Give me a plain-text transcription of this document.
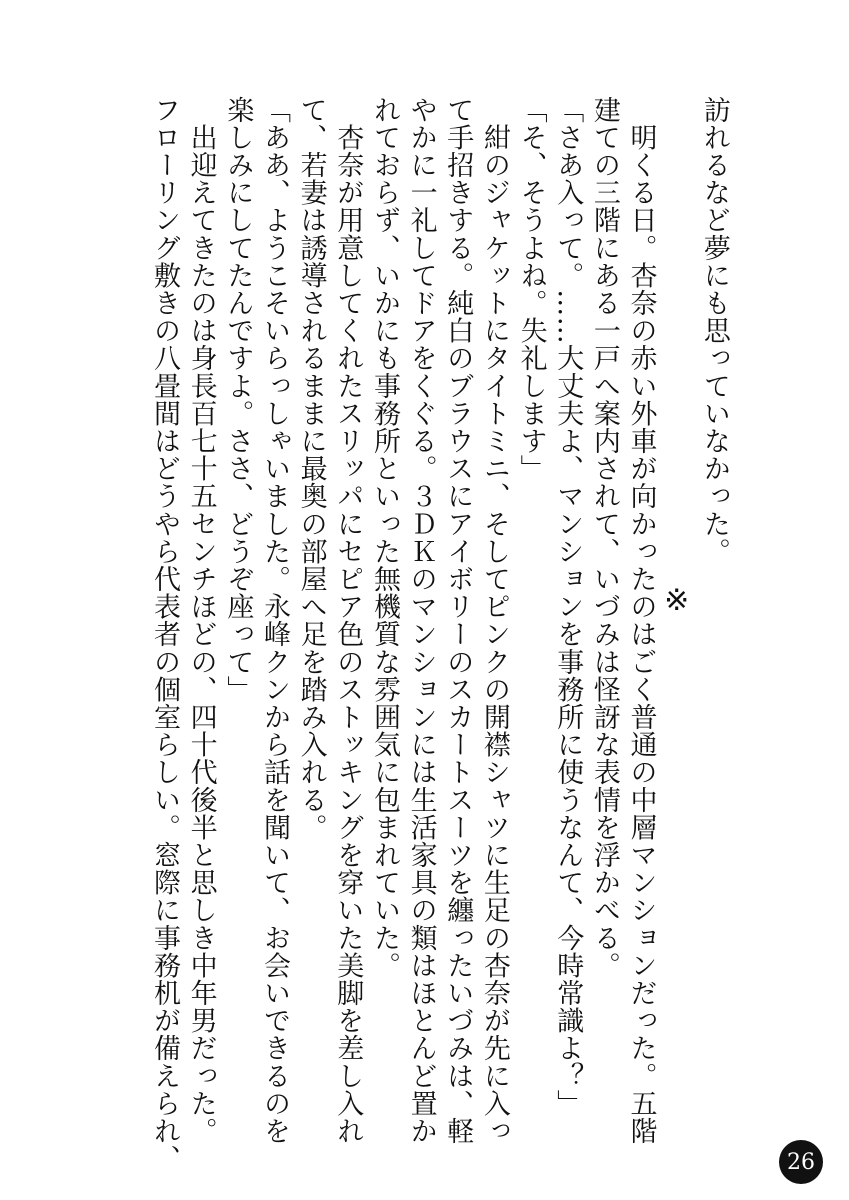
訪れるなど夢にも思っていなかった。
※
　明くる日。杏奈の赤い外車が向かったのはごく普通の中層マンションだった。五階
建ての三階にある一戸へ案内されて、いづみは怪訝な表情を浮かべる。
「さあ入って。……大丈夫よ、マンションを事務所に使うなんて、今時常識よ？」
「そ、そうよね。失礼します」
　紺のジャケットにタイトミニ、そしてピンクの開襟シャツに生足の杏奈が先に入っ
て手招きする。純白のブラウスにアイボリーのスカートスーツを纏ったいづみは、軽
やかに一礼してドアをくぐる。３ＤＫのマンションには生活家具の類はほとんど置か
れておらず、いかにも事務所といった無機質な雰囲気に包まれていた。
　杏奈が用意してくれたスリッパにセピア色のストッキングを穿いた美脚を差し入れ
て、若妻は誘導されるままに最奥の部屋へ足を踏み入れる。
「ああ、ようこそいらっしゃいました。永峰クンから話を聞いて、お会いできるのを
楽しみにしてたんですよ。ささ、どうぞ座って」
　出迎えてきたのは身長百七十五センチほどの、四十代後半と思しき中年男だった。
フローリング敷きの八畳間はどうやら代表者の個室らしい。窓際に事務机が備えられ、	26
